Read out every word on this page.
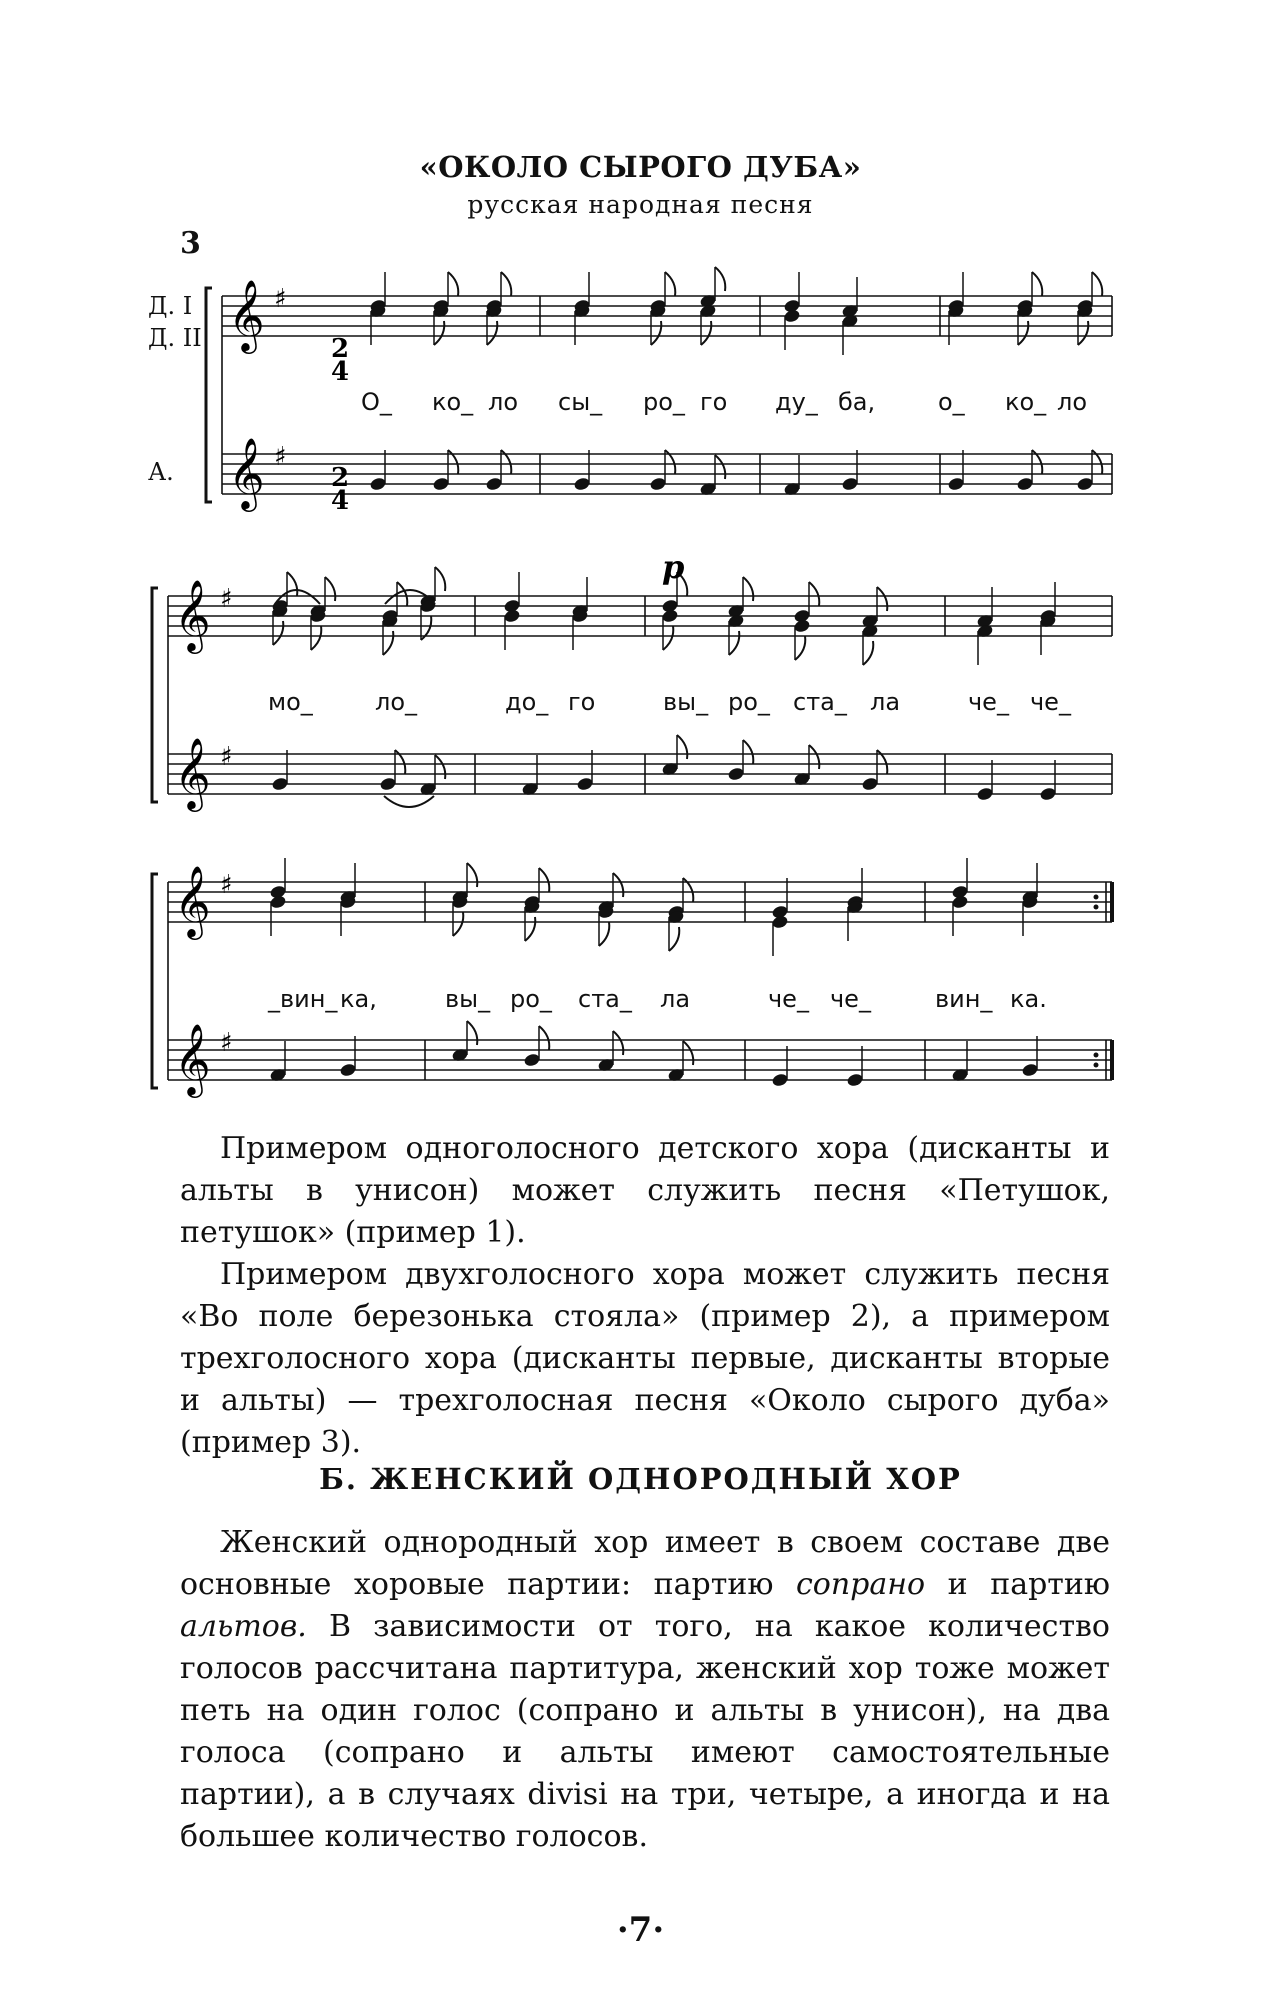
«ОКОЛО СЫРОГО ДУБА»
русская народная песня
3
Д. I
Д. II
А.
𝄞 ♯
𝄞 ♯
𝄞 ♯
𝄞 ♯
𝄞 ♯
𝄞 ♯
p
2
4
2
4
О_ ко_ ло сы_ ро_ го ду_ ба,	о_ ко_ ло
мо_	ло_	до_ го	вы_ ро_ ста_ ла	че_ че_
_вин_ ка,	вы_ ро_ ста_ ла	че_ че_	вин_ ка.

Примером одноголосного детского хора (дисканты и альты в унисон) может служить песня «Петушок, петушок» (пример 1).

Примером двухголосного хора может служить песня «Во поле березонька стояла» (пример 2), а примером трехголосного хора (дисканты первые, дисканты вторые и альты) — трехголосная песня «Около сырого дуба» (пример 3).

Б. ЖЕНСКИЙ ОДНОРОДНЫЙ ХОР

Женский однородный хор имеет в своем составе две основные хоровые партии: партию сопрано и партию альтов. В зависимости от того, на какое количество голосов рассчитана партитура, женский хор тоже может петь на один голос (сопрано и альты в унисон), на два голоса (сопрано и альты имеют самостоятельные партии), а в случаях divisi на три, четыре, а иногда и на большее количество голосов.

·7·
